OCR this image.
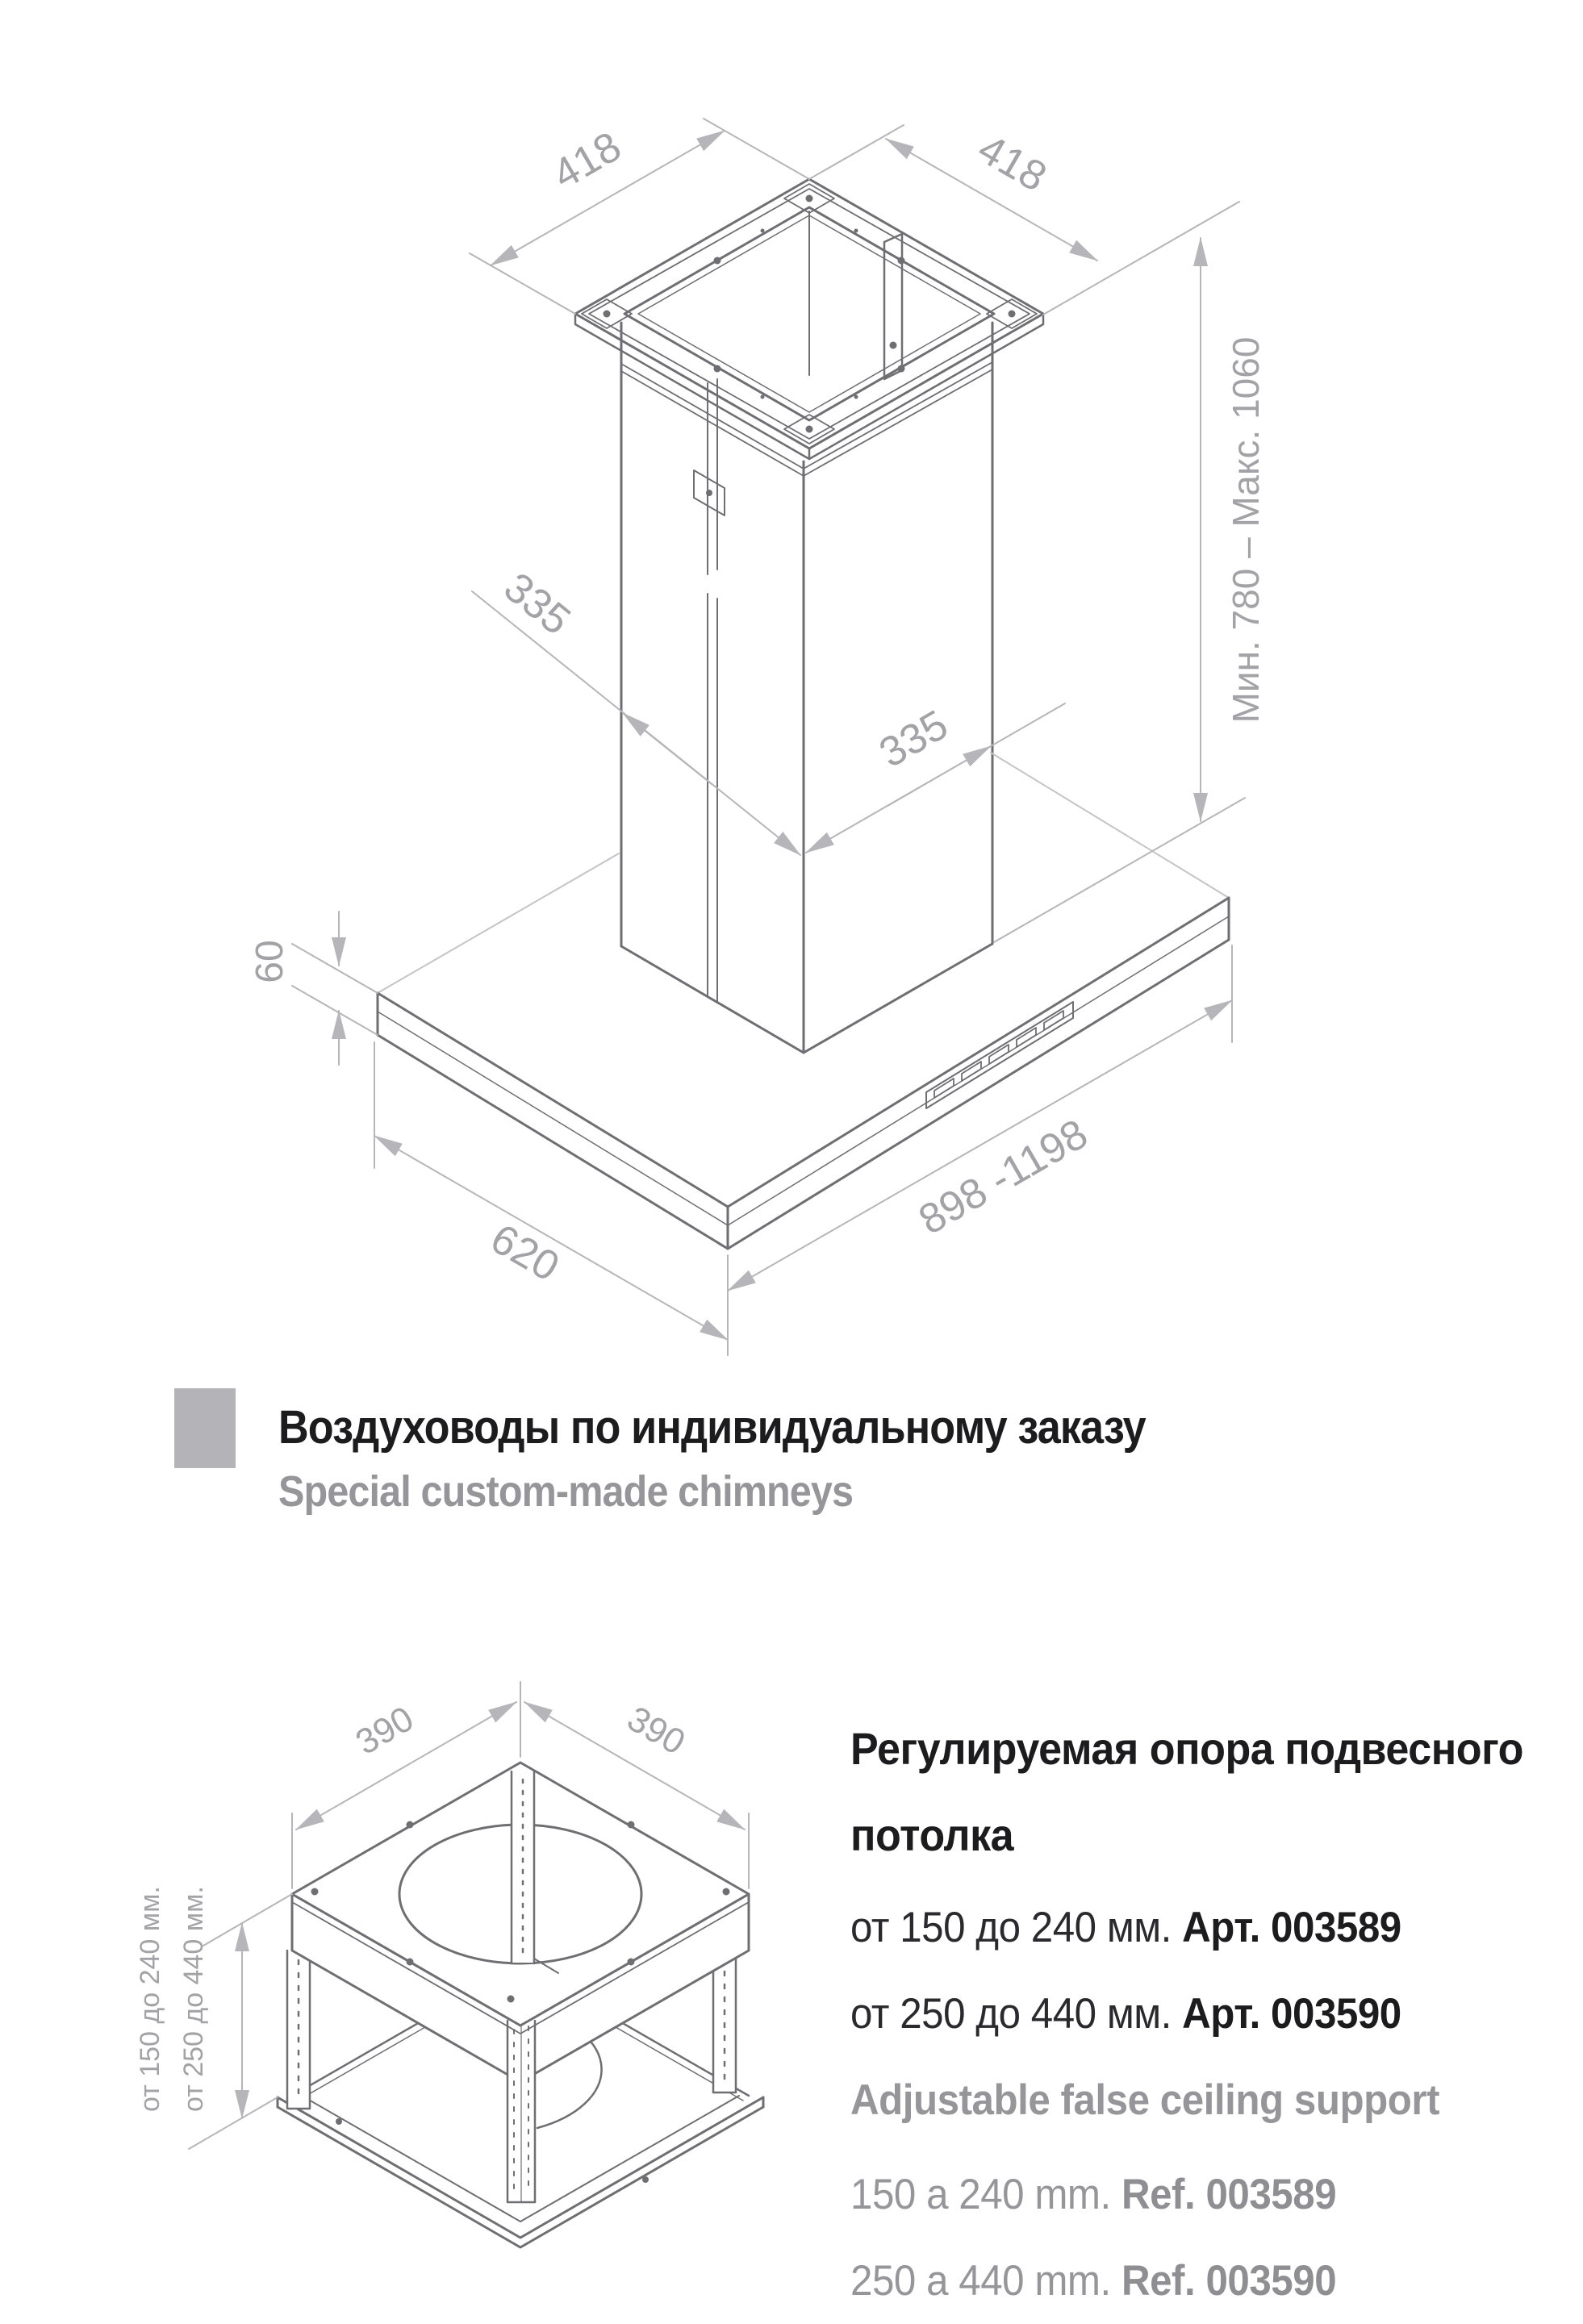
418	418
Мин. 780 – Макс. 1060
335
335
60
620
898 -1198
390	390
от 150 до 240 мм. от 250 до 440 мм.
Воздуховоды по индивидуальному заказу
Special custom-made chimneys
Регулируемая опора подвесного
потолка
от 150 до 240 мм. Арт. 003589
от 250 до 440 мм. Арт. 003590
Adjustable false ceiling support
150 a 240 mm. Ref. 003589
250 a 440 mm. Ref. 003590
